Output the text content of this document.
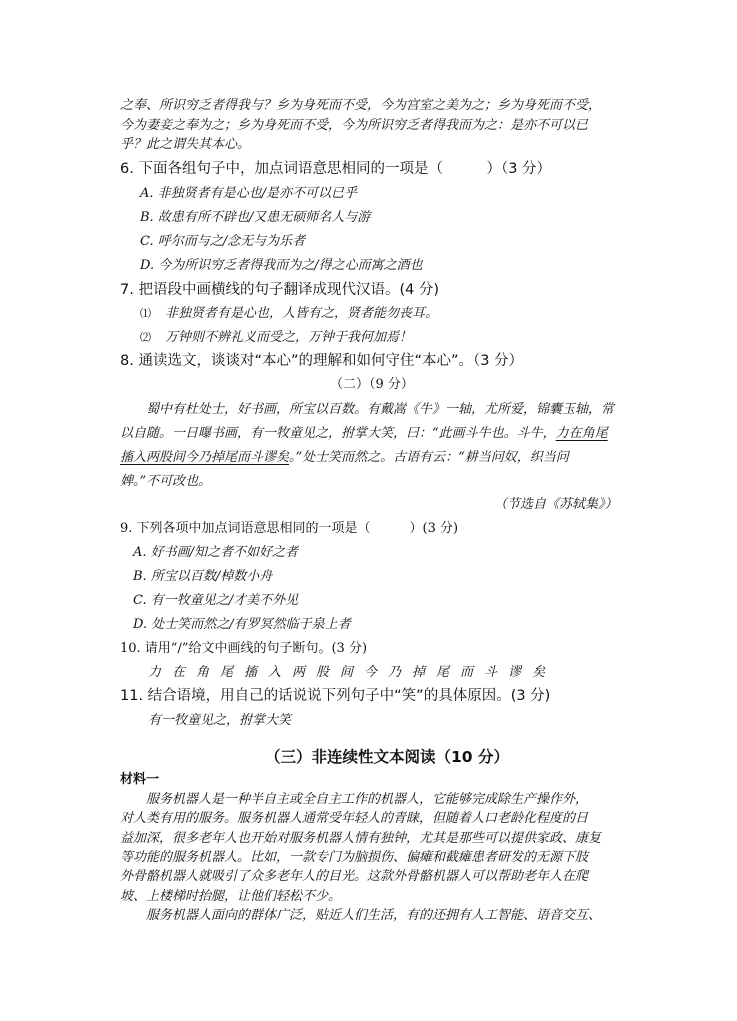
之奉、所识穷乏者得我与？乡为身死而不受，今为宫室之美为之；乡为身死而不受，
今为妻妾之奉为之；乡为身死而不受，今为所识穷乏者得我而为之：是亦不可以已
乎？此之谓失其本心。
6. 下面各组句子中，加点词语意思相同的一项是（　　　）（3 分）
A. 非独贤者有是心也/是亦不可以已乎
B. 故患有所不辟也/又患无硕师名人与游
C. 呼尔而与之/念无与为乐者
D. 今为所识穷乏者得我而为之/得之心而寓之酒也
7. 把语段中画横线的句子翻译成现代汉语。(4 分)
⑴ 非独贤者有是心也，人皆有之，贤者能勿丧耳。
⑵ 万钟则不辨礼义而受之，万钟于我何加焉！
8. 通读选文，谈谈对“本心”的理解和如何守住“本心”。（3 分）
（二）（9 分）
　　蜀中有杜处士，好书画，所宝以百数。有戴嵩《牛》一轴，尤所爱，锦囊玉轴，常
以自随。一日曝书画，有一牧童见之，拊掌大笑，曰：“此画斗牛也。斗牛，力在角尾
搐入两股间今乃掉尾而斗谬矣。”处士笑而然之。古语有云：“耕当问奴，织当问
婢。”不可改也。
（节选自《苏轼集》）
9. 下列各项中加点词语意思相同的一项是（　　　）(3 分)
A. 好书画/知之者不如好之者
B. 所宝以百数/棹数小舟
C. 有一牧童见之/才美不外见
D. 处士笑而然之/有罗冥然临于泉上者
10. 请用“/”给文中画线的句子断句。(3 分)
力在角尾搐入两股间今乃掉尾而斗谬矣
11. 结合语境，用自己的话说说下列句子中“笑”的具体原因。(3 分)
有一牧童见之，拊掌大笑
（三）非连续性文本阅读（10 分）
材料一
　　服务机器人是一种半自主或全自主工作的机器人，它能够完成除生产操作外，
对人类有用的服务。服务机器人通常受年轻人的青睐，但随着人口老龄化程度的日
益加深，很多老年人也开始对服务机器人情有独钟，尤其是那些可以提供家政、康复
等功能的服务机器人。比如，一款专门为脑损伤、偏瘫和截瘫患者研发的无源下肢
外骨骼机器人就吸引了众多老年人的目光。这款外骨骼机器人可以帮助老年人在爬
坡、上楼梯时抬腿，让他们轻松不少。
　　服务机器人面向的群体广泛，贴近人们生活，有的还拥有人工智能、语音交互、
